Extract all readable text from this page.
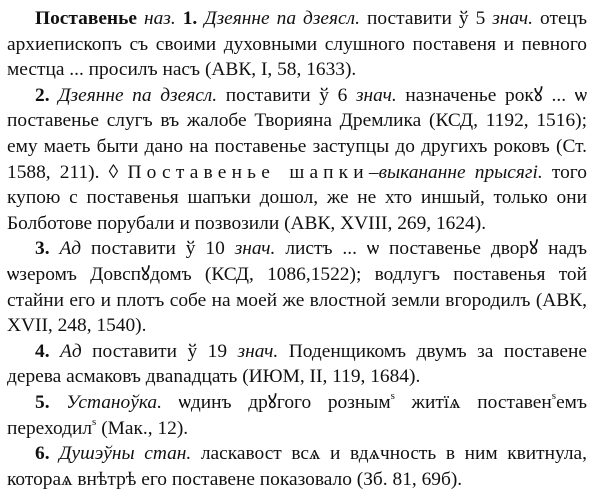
Поставенье наз. 1. Дзеянне па дзеясл. поставити ў 5 знач. отецъ архиепископъ съ своими духовными слушного поставеня и певного местца ... просилъ насъ (АВК, І, 58, 1633).

2. Дзеянне па дзеясл. поставити ў 6 знач. назначенье рокꙋ ... ѡ поставенье слугъ въ жалобе Твориянa Дремлика (КСД, 1192, 1516); ему маеть быти дано на поставенье заступцы до другихъ роковъ (Ст. 1588, 211). ◊ Поставенье шапки–выкананне прысягі. того купою с поставенья шапъки дошол, же не хто иншый, только они Болботове порубали и позвозили (АВК, XVIII, 269, 1624).

3. Ад поставити ў 10 знач. листъ ... ѡ поставенье дворꙋ надъ ѡзеромъ Довспꙋдомъ (КСД, 1086,1522); водлугъ поставенья той стайни его и плотъ собе на моей же влостной земли вгородилъ (АВК, XVII, 248, 1540).

4. Ад поставити ў 19 знач. Поденщикомъ двумъ за поставене дерева асмаковъ двanадцать (ИЮМ, II, 119, 1684).

5. Устаноўка. ѡдинъ дрꙋгого розным$^ѕ$ житїѧ поставен$^ѕ$емъ переходил$^ѕ$ (Мак., 12).

6. Душэўны стан. ласкавост всѧ и вдѧчность в ним квитнула, котораѧ внѣтрѣ его поставене показовало (Зб. 81, 69б).
